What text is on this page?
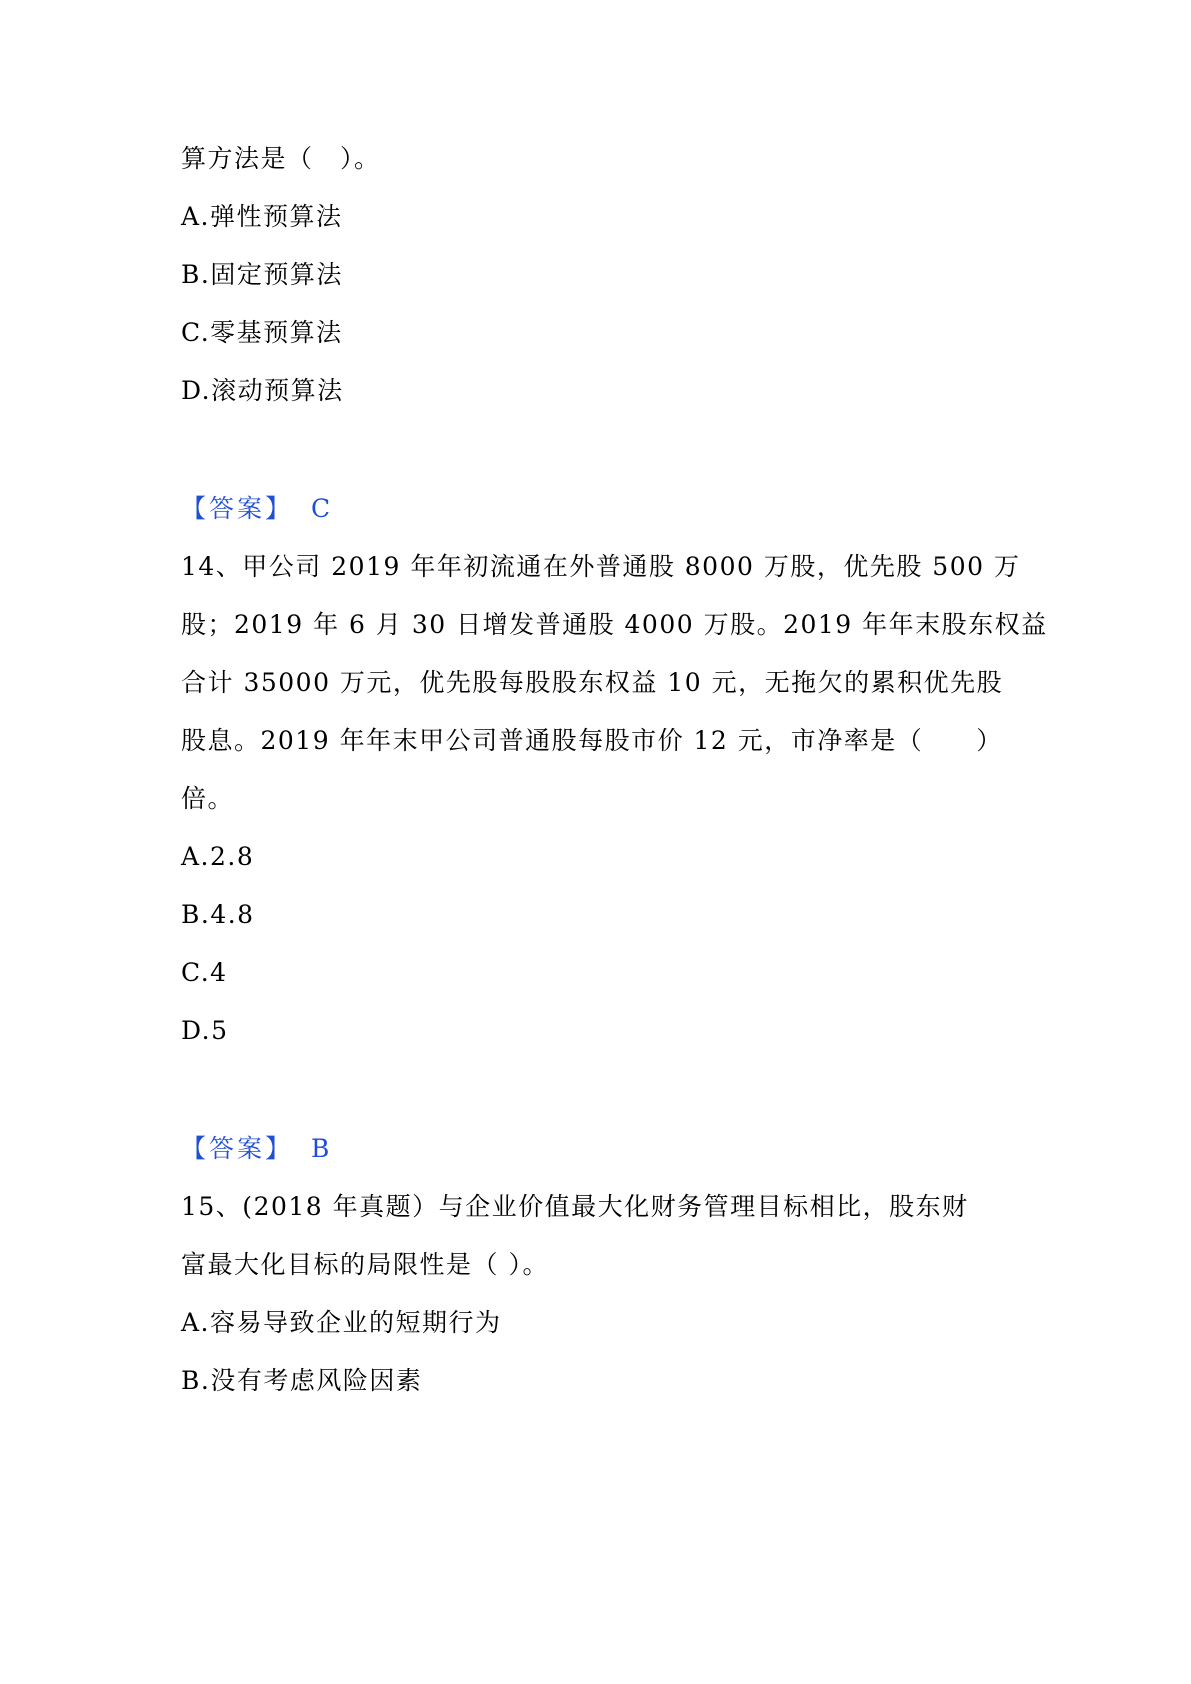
算方法是（　）。
A.弹性预算法
B.固定预算法
C.零基预算法
D.滚动预算法
【答案】 C
14、甲公司 2019 年年初流通在外普通股 8000 万股，优先股 500 万
股；2019 年 6 月 30 日增发普通股 4000 万股。2019 年年末股东权益
合计 35000 万元，优先股每股股东权益 10 元，无拖欠的累积优先股
股息。2019 年年末甲公司普通股每股市价 12 元，市净率是（　　）
倍。
A.2.8
B.4.8
C.4
D.5
【答案】 B
15、(2018 年真题）与企业价值最大化财务管理目标相比，股东财
富最大化目标的局限性是（ ）。
A.容易导致企业的短期行为
B.没有考虑风险因素
